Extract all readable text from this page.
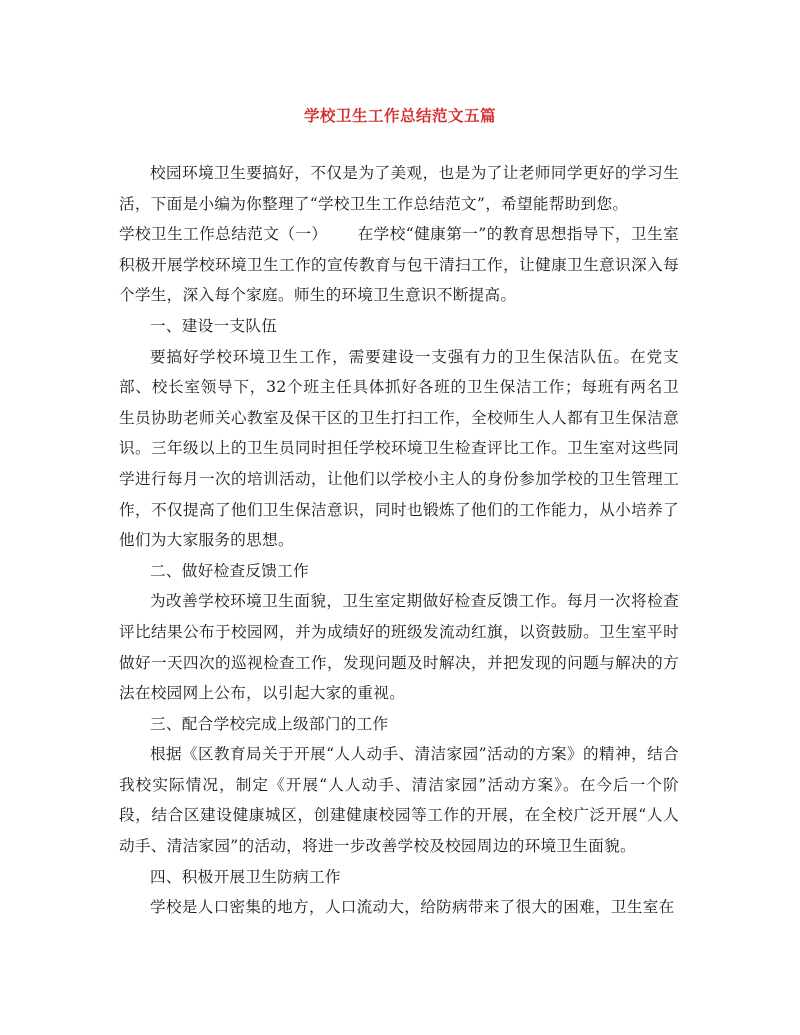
学校卫生工作总结范文五篇

校园环境卫生要搞好，不仅是为了美观，也是为了让老师同学更好的学习生活，下面是小编为你整理了“学校卫生工作总结范文”，希望能帮助到您。

学校卫生工作总结范文（一） 在学校“健康第一”的教育思想指导下，卫生室积极开展学校环境卫生工作的宣传教育与包干清扫工作，让健康卫生意识深入每个学生，深入每个家庭。师生的环境卫生意识不断提高。

一、建设一支队伍

要搞好学校环境卫生工作，需要建设一支强有力的卫生保洁队伍。在党支部、校长室领导下，32个班主任具体抓好各班的卫生保洁工作；每班有两名卫生员协助老师关心教室及保干区的卫生打扫工作，全校师生人人都有卫生保洁意识。三年级以上的卫生员同时担任学校环境卫生检查评比工作。卫生室对这些同学进行每月一次的培训活动，让他们以学校小主人的身份参加学校的卫生管理工作，不仅提高了他们卫生保洁意识，同时也锻炼了他们的工作能力，从小培养了他们为大家服务的思想。

二、做好检查反馈工作

为改善学校环境卫生面貌，卫生室定期做好检查反馈工作。每月一次将检查评比结果公布于校园网，并为成绩好的班级发流动红旗，以资鼓励。卫生室平时做好一天四次的巡视检查工作，发现问题及时解决，并把发现的问题与解决的方法在校园网上公布，以引起大家的重视。

三、配合学校完成上级部门的工作

根据《区教育局关于开展“人人动手、清洁家园”活动的方案》的精神，结合我校实际情况，制定《开展“人人动手、清洁家园”活动方案》。在今后一个阶段，结合区建设健康城区，创建健康校园等工作的开展，在全校广泛开展“人人动手、清洁家园”的活动，将进一步改善学校及校园周边的环境卫生面貌。

四、积极开展卫生防病工作

学校是人口密集的地方，人口流动大，给防病带来了很大的困难，卫生室在
